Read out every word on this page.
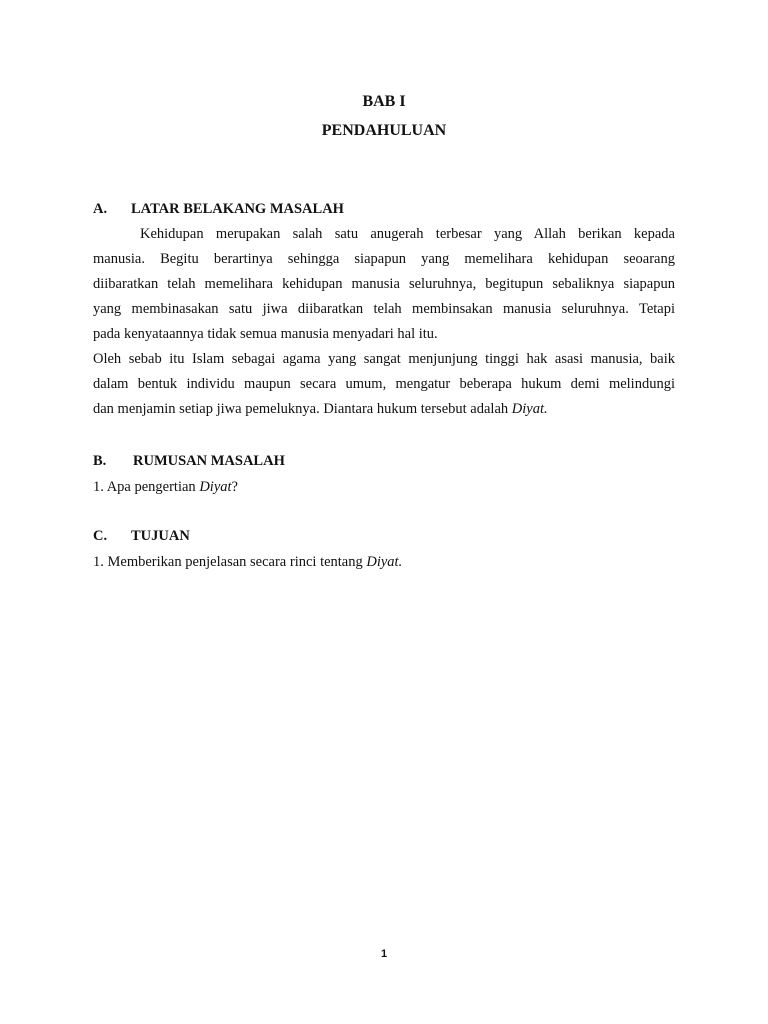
BAB I
PENDAHULUAN
A. LATAR BELAKANG MASALAH
Kehidupan merupakan salah satu anugerah terbesar yang Allah berikan kepada
manusia. Begitu berartinya sehingga siapapun yang memelihara kehidupan seoarang
diibaratkan telah memelihara kehidupan manusia seluruhnya, begitupun sebaliknya siapapun
yang membinasakan satu jiwa diibaratkan telah membinsakan manusia seluruhnya. Tetapi
pada kenyataannya tidak semua manusia menyadari hal itu.
Oleh sebab itu Islam sebagai agama yang sangat menjunjung tinggi hak asasi manusia, baik
dalam bentuk individu maupun secara umum, mengatur beberapa hukum demi melindungi
dan menjamin setiap jiwa pemeluknya. Diantara hukum tersebut adalah Diyat.
B. RUMUSAN MASALAH
1. Apa pengertian Diyat?
C. TUJUAN
1. Memberikan penjelasan secara rinci tentang Diyat.
1
